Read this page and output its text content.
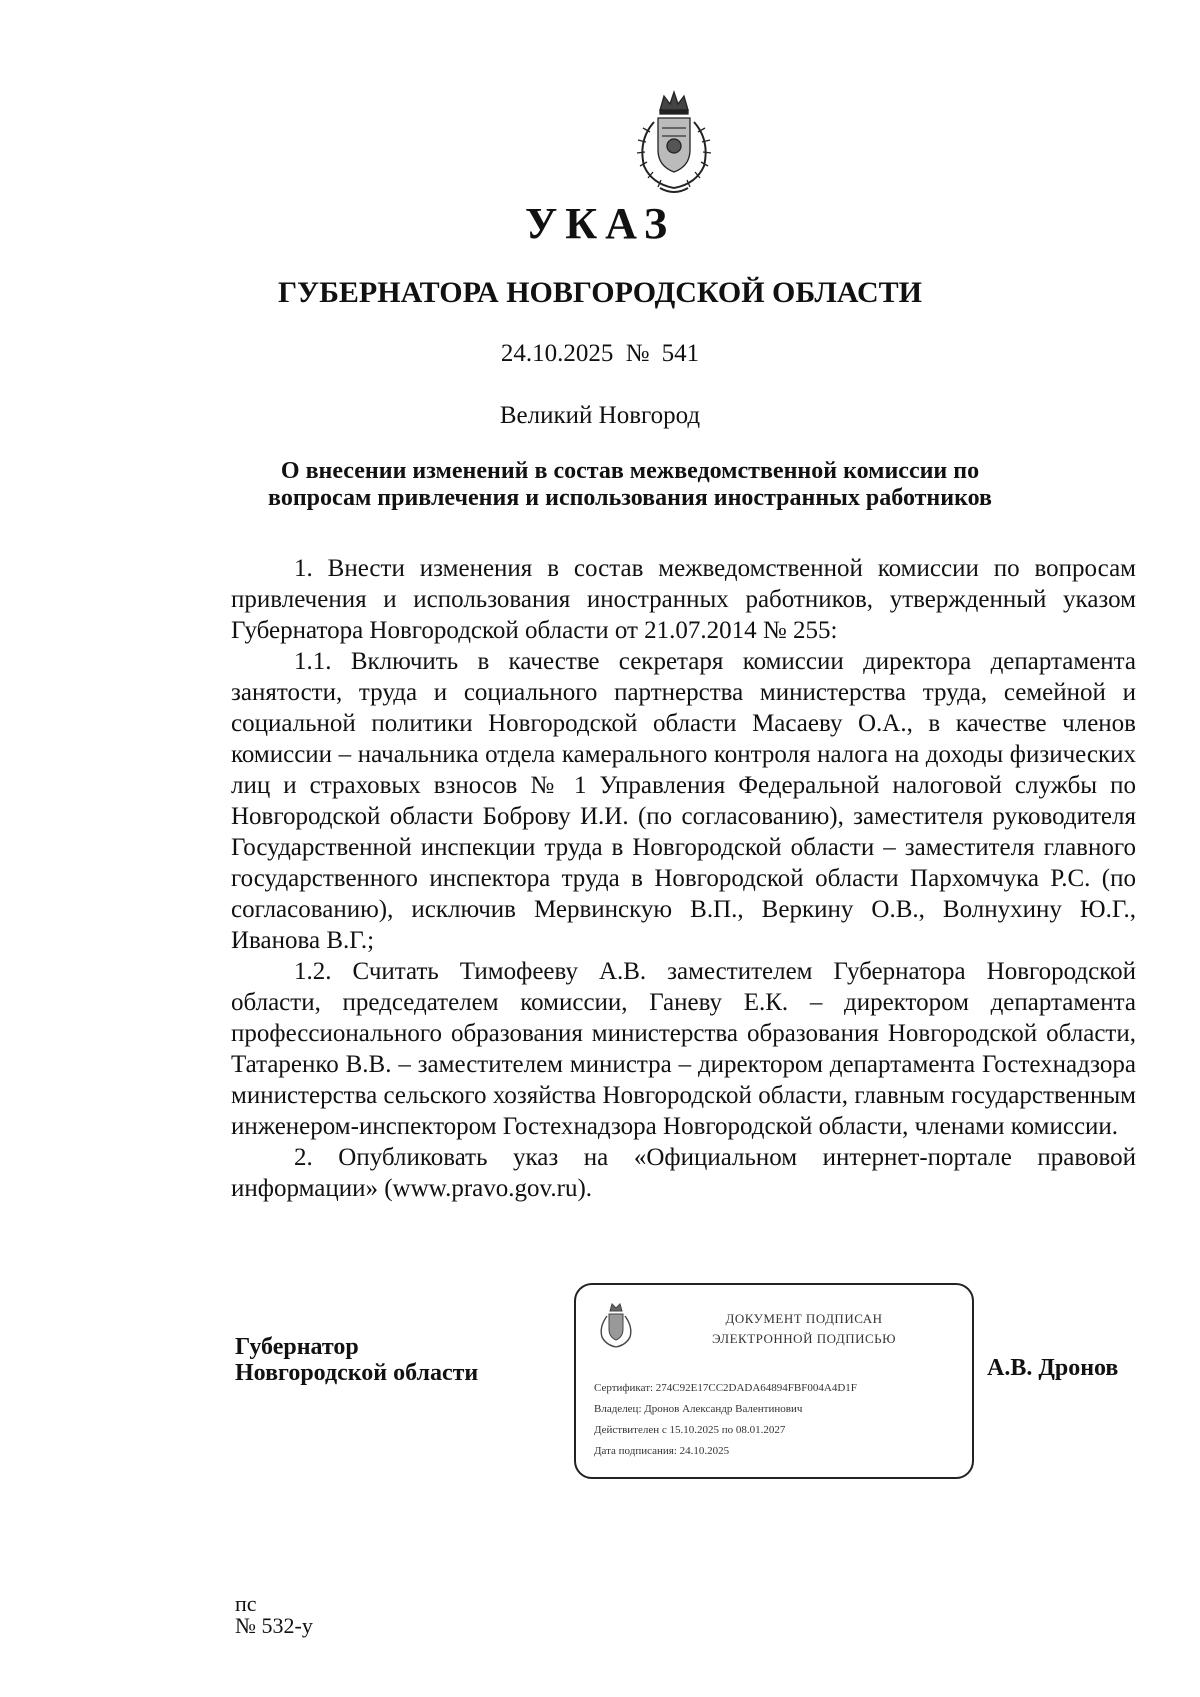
УКАЗ
ГУБЕРНАТОРА НОВГОРОДСКОЙ ОБЛАСТИ
24.10.2025 № 541
Великий Новгород
О внесении изменений в состав межведомственной комиссии по
вопросам привлечения и использования иностранных работников

1. Внести изменения в состав межведомственной комиссии по вопросам привлечения и использования иностранных работников, утвержденный указом Губернатора Новгородской области от 21.07.2014 № 255:

1.1. Включить в качестве секретаря комиссии директора департамента занятости, труда и социального партнерства министерства труда, семейной и социальной политики Новгородской области Масаеву О.А., в качестве членов комиссии – начальника отдела камерального контроля налога на доходы физических лиц и страховых взносов № 1 Управления Федеральной налоговой службы по Новгородской области Боброву И.И. (по согласованию), заместителя руководителя Государственной инспекции труда в Новгородской области – заместителя главного государственного инспектора труда в Новгородской области Пархомчука Р.С. (по согласованию), исключив Мервинскую В.П., Веркину О.В., Волнухину Ю.Г., Иванова В.Г.;

1.2. Считать Тимофееву А.В. заместителем Губернатора Новгородской области, председателем комиссии, Ганеву Е.К. – директором департамента профессионального образования министерства образования Новгородской области, Татаренко В.В. – заместителем министра – директором департамента Гостехнадзора министерства сельского хозяйства Новгородской области, главным государственным инженером-инспектором Гостехнадзора Новгородской области, членами комиссии.

2. Опубликовать указ на «Официальном интернет-портале правовой информации» (www.pravo.gov.ru).

Губернатор
Новгородской области
ДОКУМЕНТ ПОДПИСАН
ЭЛЕКТРОННОЙ ПОДПИСЬЮ
Сертификат: 274C92E17CC2DADA64894FBF004A4D1F
Владелец: Дронов Александр Валентинович
Действителен с 15.10.2025 по 08.01.2027
Дата подписания: 24.10.2025
А.В. Дронов
пс
№ 532-у
